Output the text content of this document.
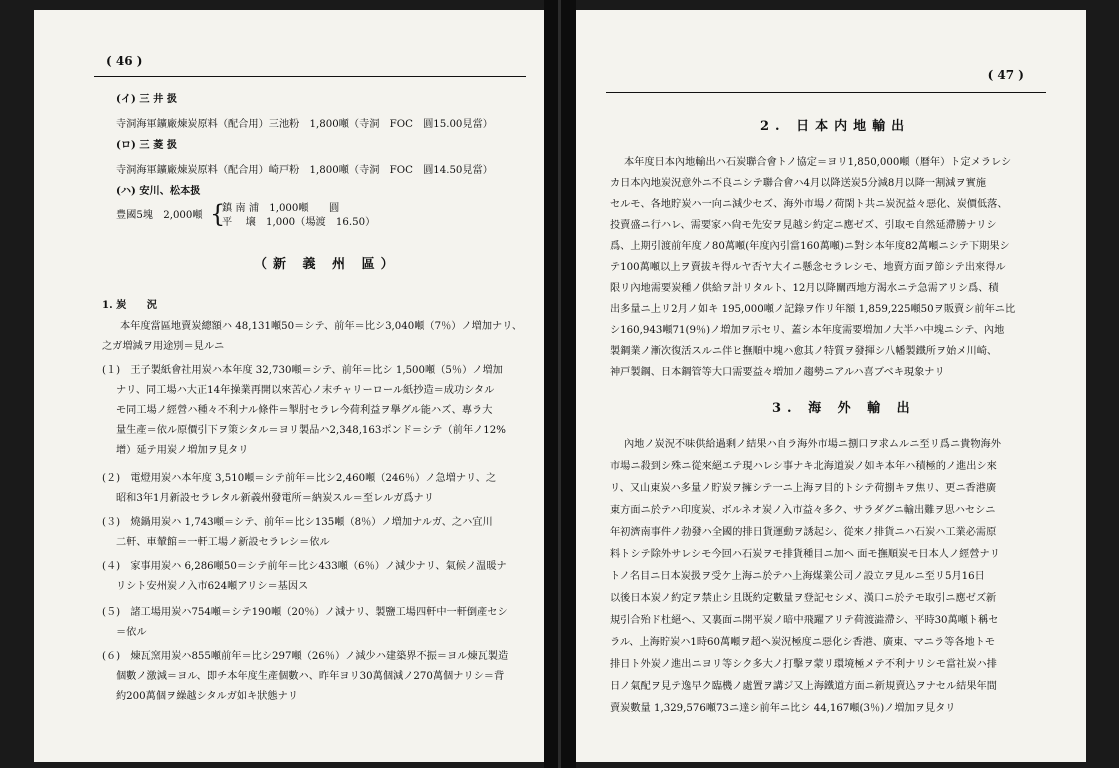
( 46 )
(イ) 三 井 扱
寺洞海軍鑛廠煉炭原料（配合用）三池粉　1,800噸（寺洞　FOC　圓15.00見當）
(ロ) 三 菱 扱
寺洞海軍鑛廠煉炭原料（配合用）崎戸粉　1,800噸（寺洞　FOC　圓14.50見當）
(ハ) 安川、松本扱
豊國5塊　2,000噸 {
鎮 南 浦　1,000噸　　圓
平　 壌　1,000（場渡　16.50）
（新 義 州 區）
1. 炭　　況
本年度當區地賣炭總額ハ 48,131噸50＝シテ、前年＝比シ3,040噸（7％）ノ増加ナリ、
之ガ増減ヲ用途別＝見ルニ
(１)　王子製紙會社用炭ハ本年度 32,730噸＝シテ、前年＝比シ 1,500噸（5％）ノ増加
ナリ、同工場ハ大正14年操業再開以來苦心ノ末チャリーロール紙抄造＝成功シタル
モ同工場ノ經營ハ種々不利ナル條件＝掣肘セラレ今荷利益ヲ擧グル能ハズ、專ラ大
量生產＝依ル原價引下ヲ策シタル＝ヨリ製品ハ2,348,163ポンド＝シテ（前年ノ12%
增）延テ用炭ノ増加ヲ見タリ
(２)　電燈用炭ハ本年度 3,510噸＝シテ前年＝比シ2,460噸（246％）ノ急増ナリ、之
昭和3年1月新設セラレタル新義州發電所＝納炭スル＝至レルガ爲ナリ
(３)　燒鍋用炭ハ 1,743噸＝シテ、前年＝比シ135噸（8％）ノ増加ナルガ、之ハ宜川
二軒、車輦館＝一軒工場ノ新設セラレシ＝依ル
(４)　家事用炭ハ 6,286噸50＝シテ前年＝比シ433噸（6％）ノ減少ナリ、氣候ノ温暖ナ
リシト安州炭ノ入市624噸アリシ＝基因ス
(５)　諸工場用炭ハ754噸＝シテ190噸（20％）ノ減ナリ、製鹽工場四軒中一軒倒產セシ
＝依ル
(６)　煉瓦窯用炭ハ855噸前年＝比シ297噸（26％）ノ減少ハ建築界不振＝ヨル煉瓦製造
個數ノ激減＝ヨル、即チ本年度生產個數ハ、昨年ヨリ30萬個減ノ270萬個ナリシ＝背
約200萬個ヲ繰越シタルガ如キ狀態ナリ
( 47 )
2. 日本内地輸出
本年度日本內地輸出ハ石炭聯合會トノ協定＝ヨリ1,850,000噸（暦年）ト定メラレシ
カ日本內地炭況意外ニ不良ニシテ聯合會ハ4月以降送炭5分減8月以降一割減ヲ實施
セルモ、各地貯炭ハ一向ニ減少セズ、海外市場ノ荷閑ト共ニ炭況益々惡化、炭價低落、
投賣盛ニ行ハレ、需要家ハ尙モ先安ヲ見越シ約定ニ應ゼズ、引取モ自然延滯勝ナリシ
爲、上期引渡前年度ノ80萬噸(年度內引當160萬噸)ニ對シ本年度82萬噸ニシテ下期果シ
テ100萬噸以上ヲ賣拔キ得ルヤ否ヤ大イニ懸念セラレシモ、地賣方面ヲ節シテ出來得ル
限リ內地需要炭種ノ供給ヲ計リタルト、12月以降關西地方渴水ニテ急需アリシ爲、積
出多量ニ上リ2月ノ如キ 195,000噸ノ記錄ヲ作リ年額 1,859,225噸50ヲ販賣シ前年ニ比
シ160,943噸71(9％)ノ増加ヲ示セリ、蓋シ本年度需要増加ノ大半ハ中塊ニシテ、內地
製鋼業ノ漸次復活スルニ伴ヒ撫順中塊ハ愈其ノ特質ヲ發揮シ八幡製鐵所ヲ始メ川崎、
神戸製鋼、日本鋼管等大口需要益々増加ノ趨勢ニアルハ喜ブベキ現象ナリ
3. 海 外 輸 出
內地ノ炭況不味供給過剩ノ結果ハ自ラ海外市場ニ捌口ヲ求ムルニ至リ爲ニ貴物海外
市場ニ殺到シ殊ニ從來絕エテ現ハレシ事ナキ北海道炭ノ如キ本年ハ積極的ノ進出シ來
リ、又山東炭ハ多量ノ貯炭ヲ擁シテ一ニ上海ヲ目的トシテ荷捌キヲ焦リ、更ニ香港廣
東方面ニ於テハ印度炭、ボルネオ炭ノ入市益々多ク、サラダグニ輸出難ヲ思ハセシニ
年初濟南事件ノ勃發ハ全國的排日貨運動ヲ誘起シ、從來ノ排貨ニハ石炭ハ工業必需原
料トシテ除外サレシモ今回ハ石炭ヲモ排貨種目ニ加ヘ 面モ撫順炭モ日本人ノ經營ナリ
トノ名目ニ日本炭扱ヲ受ケ上海ニ於テハ上海煤業公司ノ設立ヲ見ルニ至リ5月16日
以後日本炭ノ約定ヲ禁止シ且既約定數量ヲ登記セシメ、漢口ニ於テモ取引ニ應ゼズ新
規引合殆ド杜絕ヘ、又裏面ニ開平炭ノ暗中飛躍アリテ荷渡澁滯シ、平時30萬噸ト稱セ
ラル、上海貯炭ハ1時60萬噸ヲ超ヘ炭況極度ニ惡化シ香港、廣東、マニラ等各地トモ
排日ト外炭ノ進出ニヨリ等シク多大ノ打擊ヲ蒙リ環境極メテ不利ナリシモ當社炭ハ排
日ノ氣配ヲ見テ逸早ク臨機ノ處置ヲ講ジ又上海鐵道方面ニ新規賣込ヲナセル結果年間
賣炭數量 1,329,576噸73ニ達シ前年ニ比シ 44,167噸(3％)ノ増加ヲ見タリ
